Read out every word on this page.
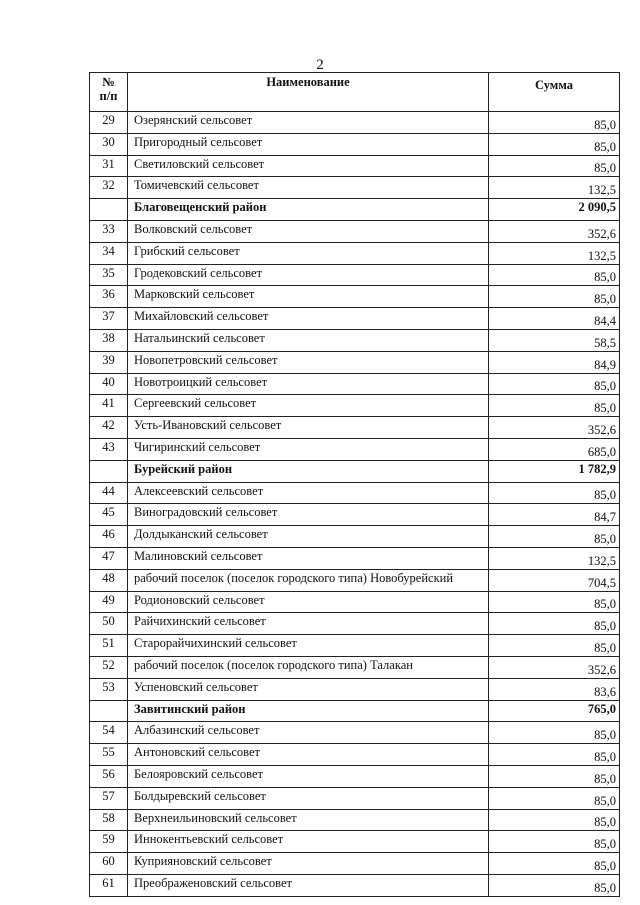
2
№
п/п	Наименование	Сумма
29	Озерянский сельсовет	85,0
30	Пригородный сельсовет	85,0
31	Светиловский сельсовет	85,0
32	Томичевский сельсовет	132,5
	Благовещенский район	2 090,5
33	Волковский сельсовет	352,6
34	Грибский сельсовет	132,5
35	Гродековский сельсовет	85,0
36	Марковский сельсовет	85,0
37	Михайловский сельсовет	84,4
38	Натальинский сельсовет	58,5
39	Новопетровский сельсовет	84,9
40	Новотроицкий сельсовет	85,0
41	Сергеевский сельсовет	85,0
42	Усть-Ивановский сельсовет	352,6
43	Чигиринский сельсовет	685,0
	Бурейский район	1 782,9
44	Алексеевский сельсовет	85,0
45	Виноградовский сельсовет	84,7
46	Долдыканский сельсовет	85,0
47	Малиновский сельсовет	132,5
48	рабочий поселок (поселок городского типа) Новобурейский	704,5
49	Родионовский сельсовет	85,0
50	Райчихинский сельсовет	85,0
51	Старорайчихинский сельсовет	85,0
52	рабочий поселок (поселок городского типа) Талакан	352,6
53	Успеновский сельсовет	83,6
	Завитинский район	765,0
54	Албазинский сельсовет	85,0
55	Антоновский сельсовет	85,0
56	Белояровский сельсовет	85,0
57	Болдыревский сельсовет	85,0
58	Верхнеильиновский сельсовет	85,0
59	Иннокентьевский сельсовет	85,0
60	Куприяновский сельсовет	85,0
61	Преображеновский сельсовет	85,0
